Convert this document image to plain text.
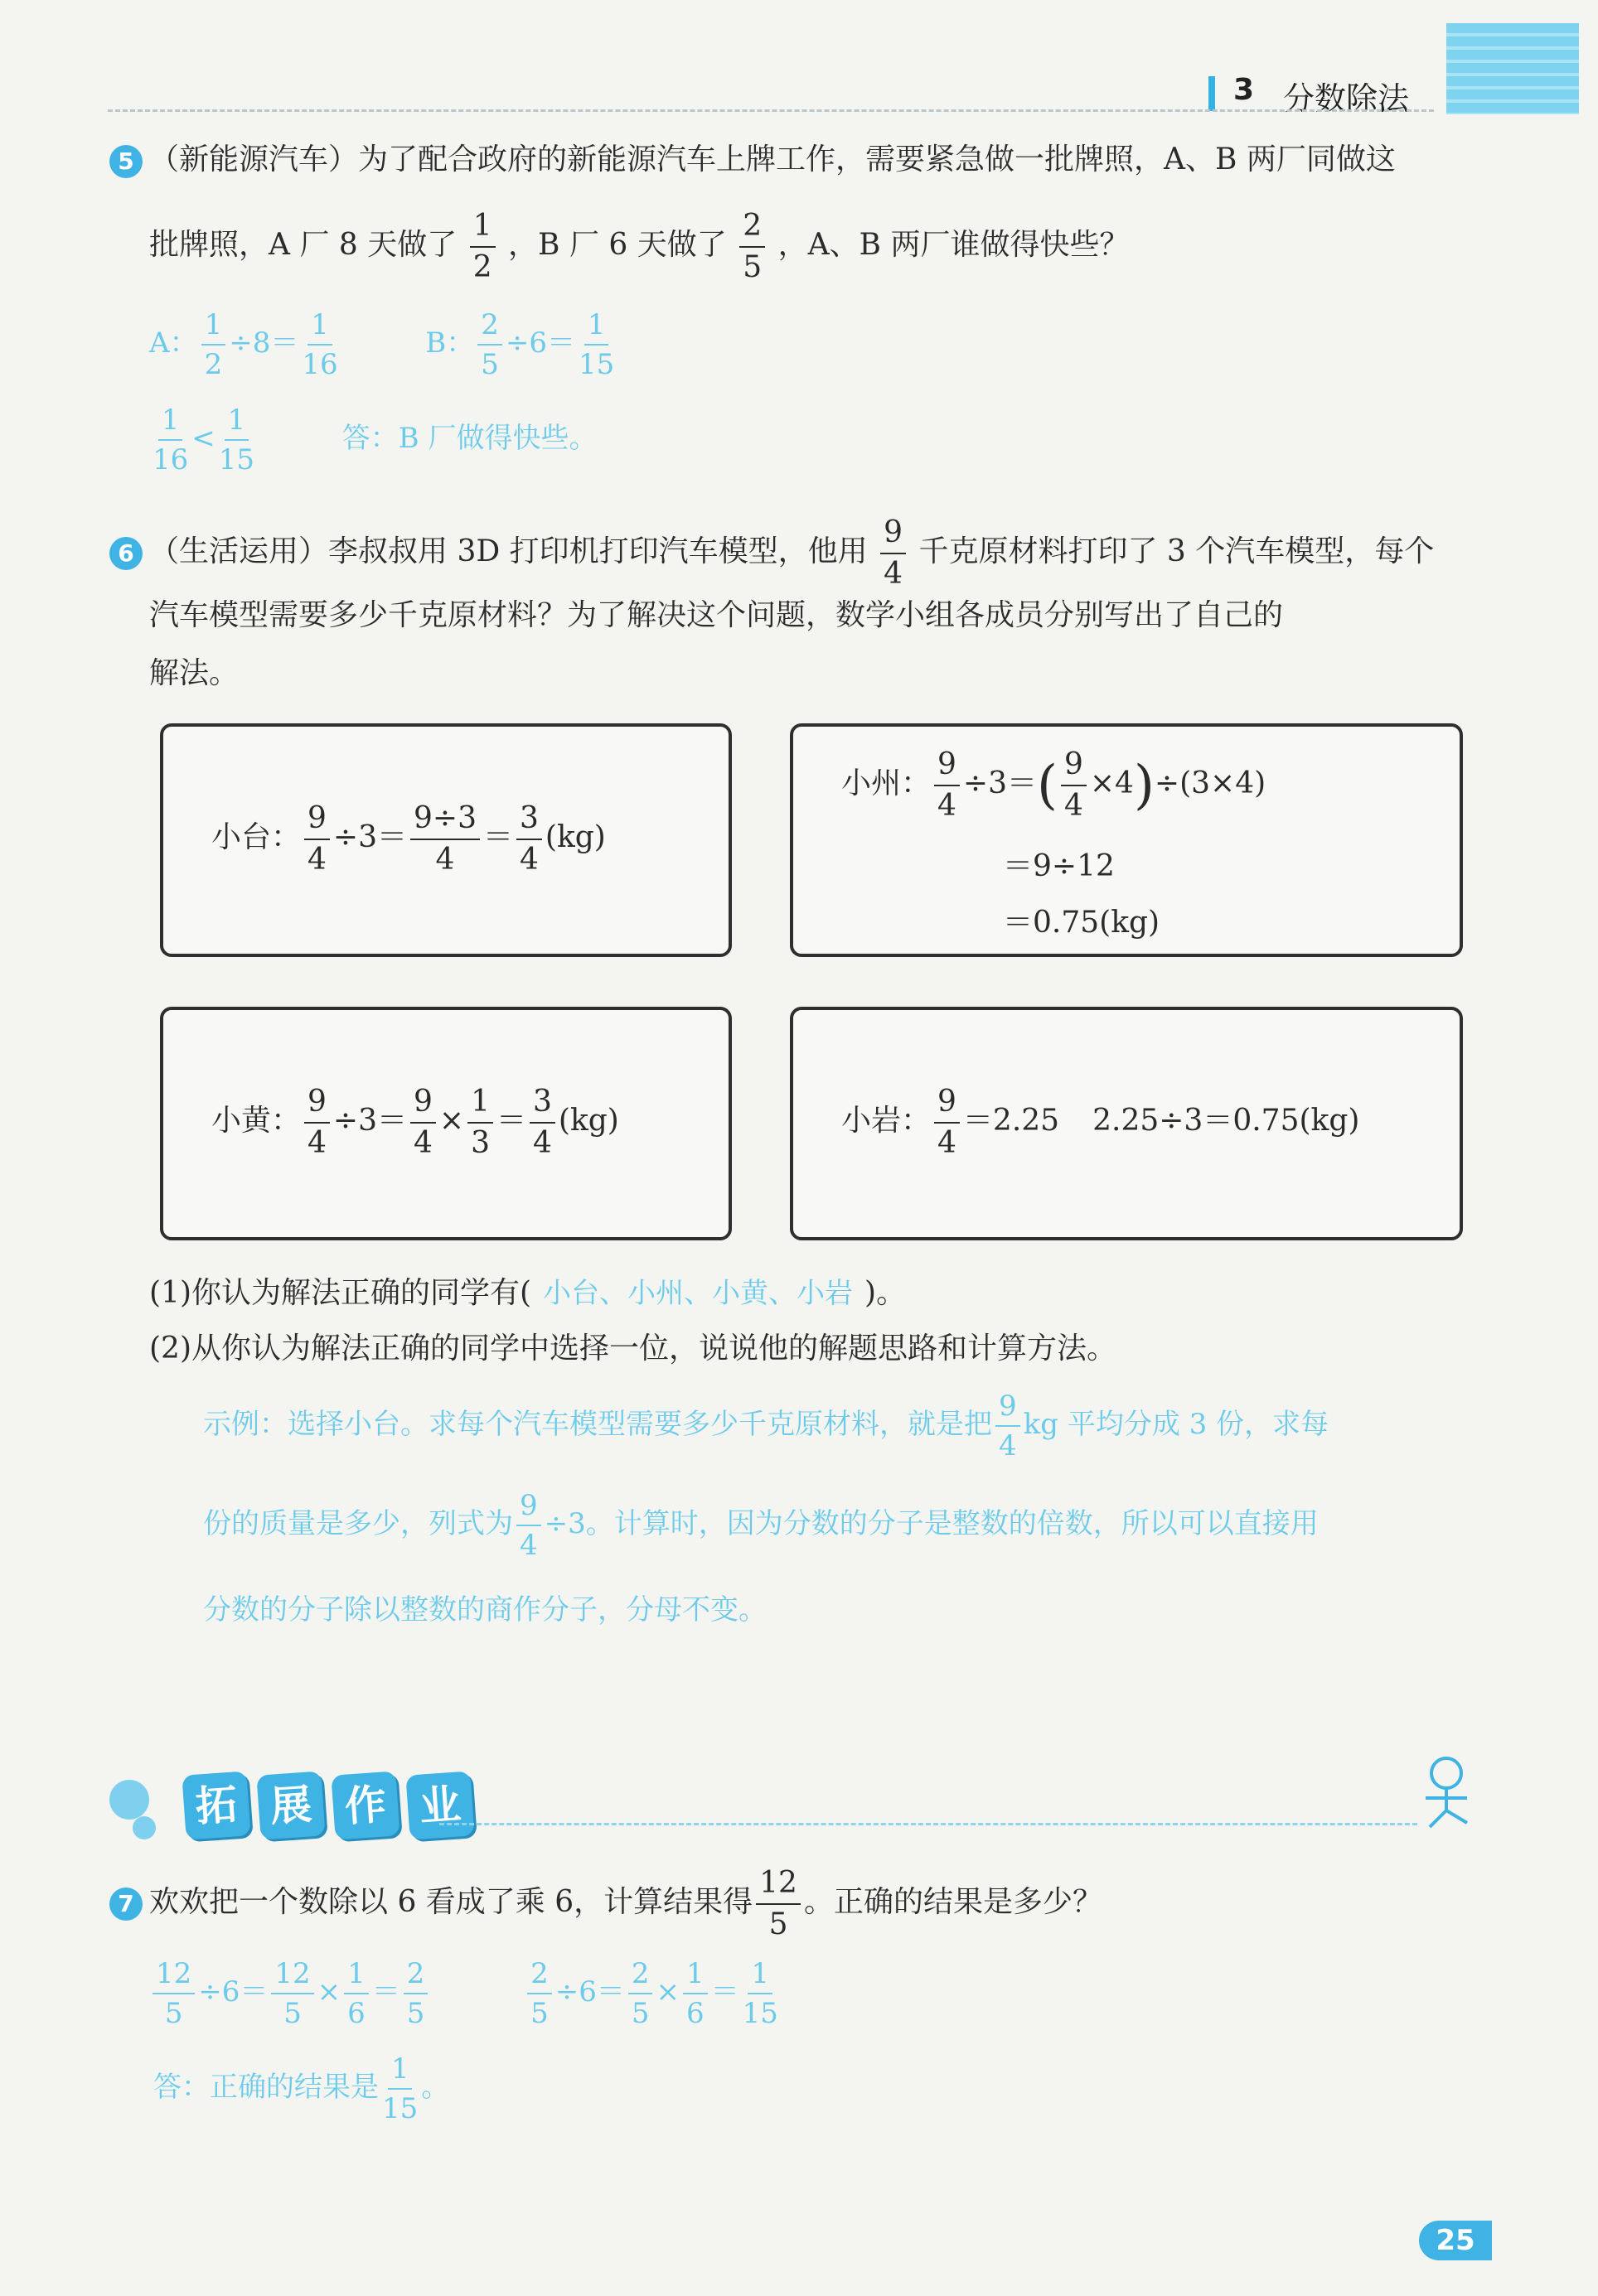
3 分数除法
5 （新能源汽车）为了配合政府的新能源汽车上牌工作，需要紧急做一批牌照，A、B 两厂同做这
批牌照，A 厂 8 天做了 $\frac{1}{2}$ ，B 厂 6 天做了 $\frac{2}{5}$ ，A、B 两厂谁做得快些？
A： $\frac{1}{2} \div 8= \frac{1}{16}$	B： $\frac{2}{5} \div 6= \frac{1}{15}$
$\frac{1}{16} < \frac{1}{15}$	答：B 厂做得快些。
6 （生活运用）李叔叔用 3D 打印机打印汽车模型，他用 $\frac{9}{4}$ 千克原材料打印了 3 个汽车模型，每个
汽车模型需要多少千克原材料？为了解决这个问题，数学小组各成员分别写出了自己的
解法。
小台： $\frac{9}{4} \div 3= \frac{9\div 3}{4} = \frac{3}{4} (kg)$
小州： $\frac{9}{4} \div 3=( \frac{9}{4} \times 4)\div(3\times 4)$
＝9÷12
＝0.75(kg)
小黄： $\frac{9}{4} \div 3= \frac{9}{4} \times \frac{1}{3} = \frac{3}{4} (kg)$	小岩： $\frac{9}{4} =2.25$ 2.25÷3＝0.75(kg)
(1)你认为解法正确的同学有( 小台、小州、小黄、小岩 )。
(2)从你认为解法正确的同学中选择一位，说说他的解题思路和计算方法。
示例：选择小台。求每个汽车模型需要多少千克原材料，就是把 $\frac{9}{4}$ kg 平均分成 3 份，求每
份的质量是多少，列式为 $\frac{9}{4} \div 3$。计算时，因为分数的分子是整数的倍数，所以可以直接用
分数的分子除以整数的商作分子，分母不变。
拓 展 作 业
7 欢欢把一个数除以 6 看成了乘 6，计算结果得 $\frac{12}{5}$ 。正确的结果是多少？
$\frac{12}{5} \div 6= \frac{12}{5} \times \frac{1}{6} = \frac{2}{5}$
	$\frac{2}{5} \div 6= \frac{2}{5} \times \frac{1}{6} = \frac{1}{15}$
答：正确的结果是 $\frac{1}{15}$ 。
25
